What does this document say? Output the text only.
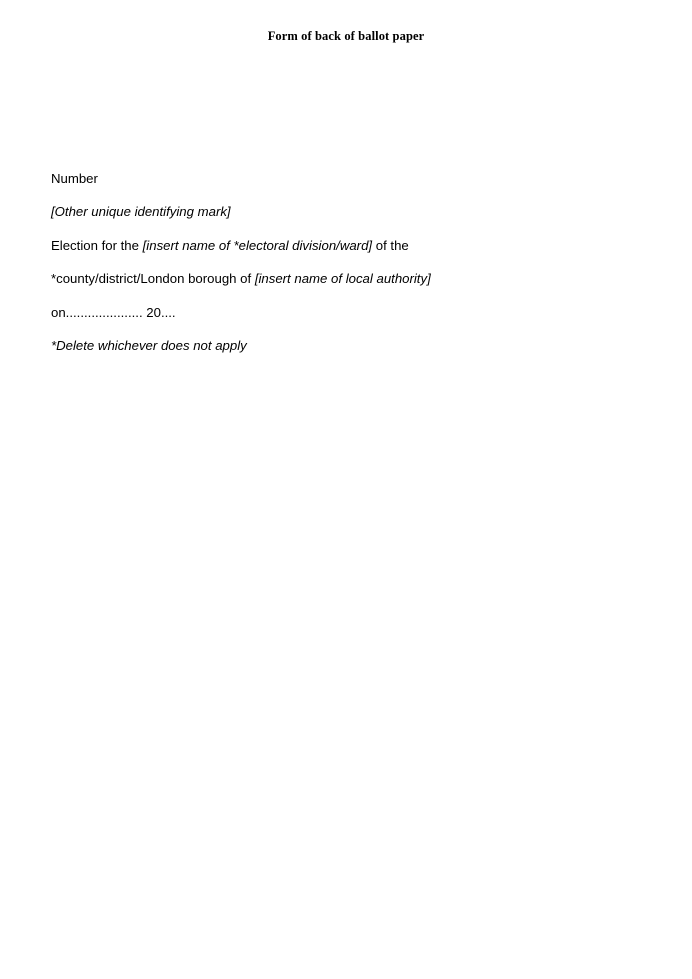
Form of back of ballot paper
Number
[Other unique identifying mark]
Election for the [insert name of *electoral division/ward] of the
*county/district/London borough of [insert name of local authority]
on..................... 20....
*Delete whichever does not apply
